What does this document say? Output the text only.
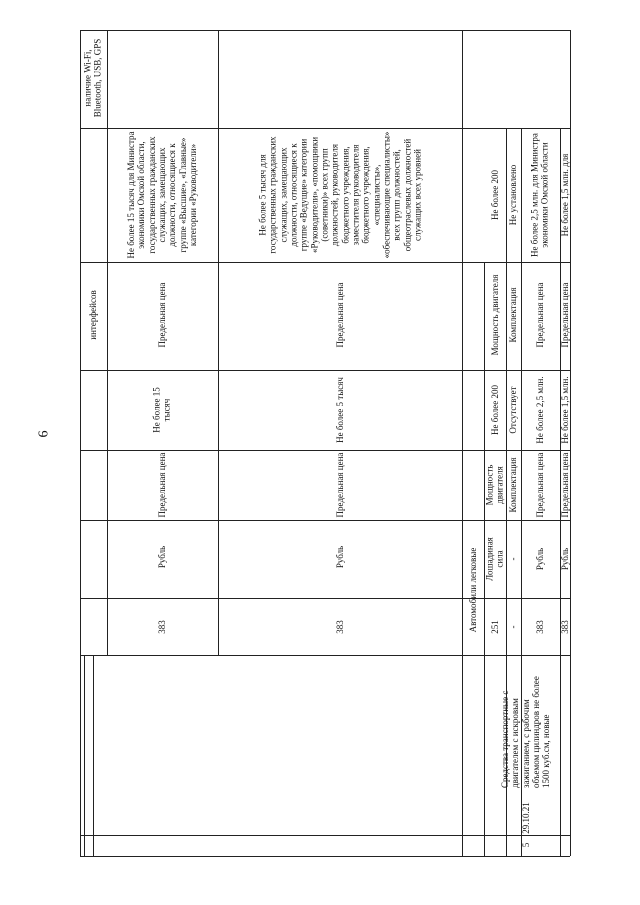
6
интерфейсов
наличие Wi-Fi, Bluetooth, USB, GPS
383
Рубль
Предельная цена
Не более 15 тысяч
Предельная цена
Не более 15 тысяч для Министра экономики Омской области, государственных гражданских служащих, замещающих должности, относящиеся к группе «Высшие», «Главные» категории «Руководители»
383
Рубль
Предельная цена
Не более 5 тысяч
Предельная цена
Не более 5 тысяч для государственных гражданских служащих, замещающих должности, относящиеся к группе «Ведущие» категории «Руководители», «помощники (советники)» всех групп должностей, руководителя бюджетного учреждения, заместителя руководителя бюджетного учреждения, «специалисты», «обеспечивающие специалисты» всех групп должностей, общеотраслевых должностей служащих всех уровней
Автомобили легковые
5
29.10.21
Средства транспортные с двигателем с искровым зажиганием, с рабочим объемом цилиндров не более 1500 куб.см, новые
251
Лошадиная сила
Мощность двигателя
Не более 200
Мощность двигателя
Не более 200
-
-
Комплектация
Отсутствует
Комплектация
Не установлено
383
Рубль
Предельная цена
Не более 2,5 млн.
Предельная цена
Не более 2,5 млн. для Министра экономики Омской области
383
Рубль
Предельная цена
Не более 1,5 млн.
Предельная цена
Не более 1,5 млн. для
